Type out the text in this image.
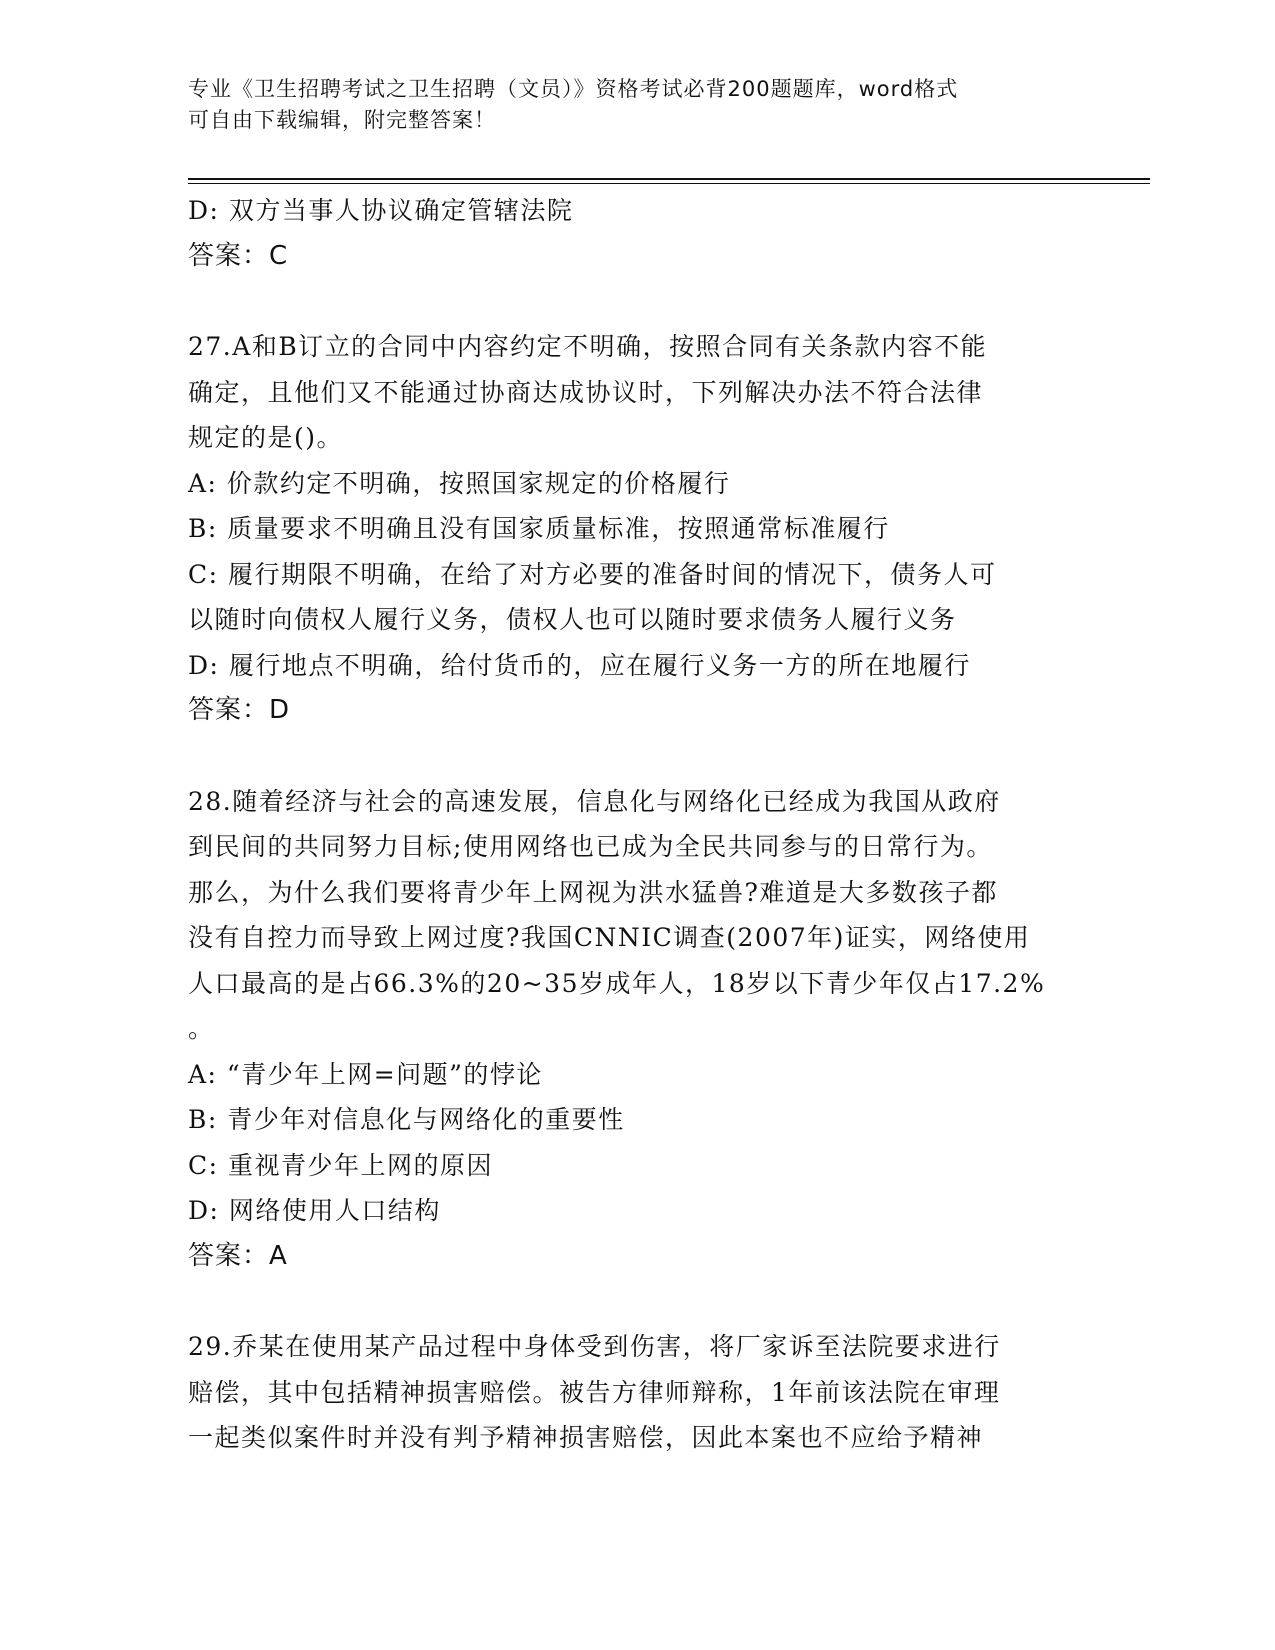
专业《卫生招聘考试之卫生招聘（文员）》资格考试必背200题题库，word格式
可自由下载编辑，附完整答案！

D: 双方当事人协议确定管辖法院

答案：C

27.A和B订立的合同中内容约定不明确，按照合同有关条款内容不能

确定，且他们又不能通过协商达成协议时，下列解决办法不符合法律

规定的是()。

A: 价款约定不明确，按照国家规定的价格履行

B: 质量要求不明确且没有国家质量标准，按照通常标准履行

C: 履行期限不明确，在给了对方必要的准备时间的情况下，债务人可

以随时向债权人履行义务，债权人也可以随时要求债务人履行义务

D: 履行地点不明确，给付货币的，应在履行义务一方的所在地履行

答案：D

28.随着经济与社会的高速发展，信息化与网络化已经成为我国从政府

到民间的共同努力目标;使用网络也已成为全民共同参与的日常行为。

那么，为什么我们要将青少年上网视为洪水猛兽?难道是大多数孩子都

没有自控力而导致上网过度?我国CNNIC调查(2007年)证实，网络使用

人口最高的是占66.3%的20~35岁成年人，18岁以下青少年仅占17.2%

。

A: “青少年上网=问题”的悖论

B: 青少年对信息化与网络化的重要性

C: 重视青少年上网的原因

D: 网络使用人口结构

答案：A

29.乔某在使用某产品过程中身体受到伤害，将厂家诉至法院要求进行

赔偿，其中包括精神损害赔偿。被告方律师辩称，1年前该法院在审理

一起类似案件时并没有判予精神损害赔偿，因此本案也不应给予精神
